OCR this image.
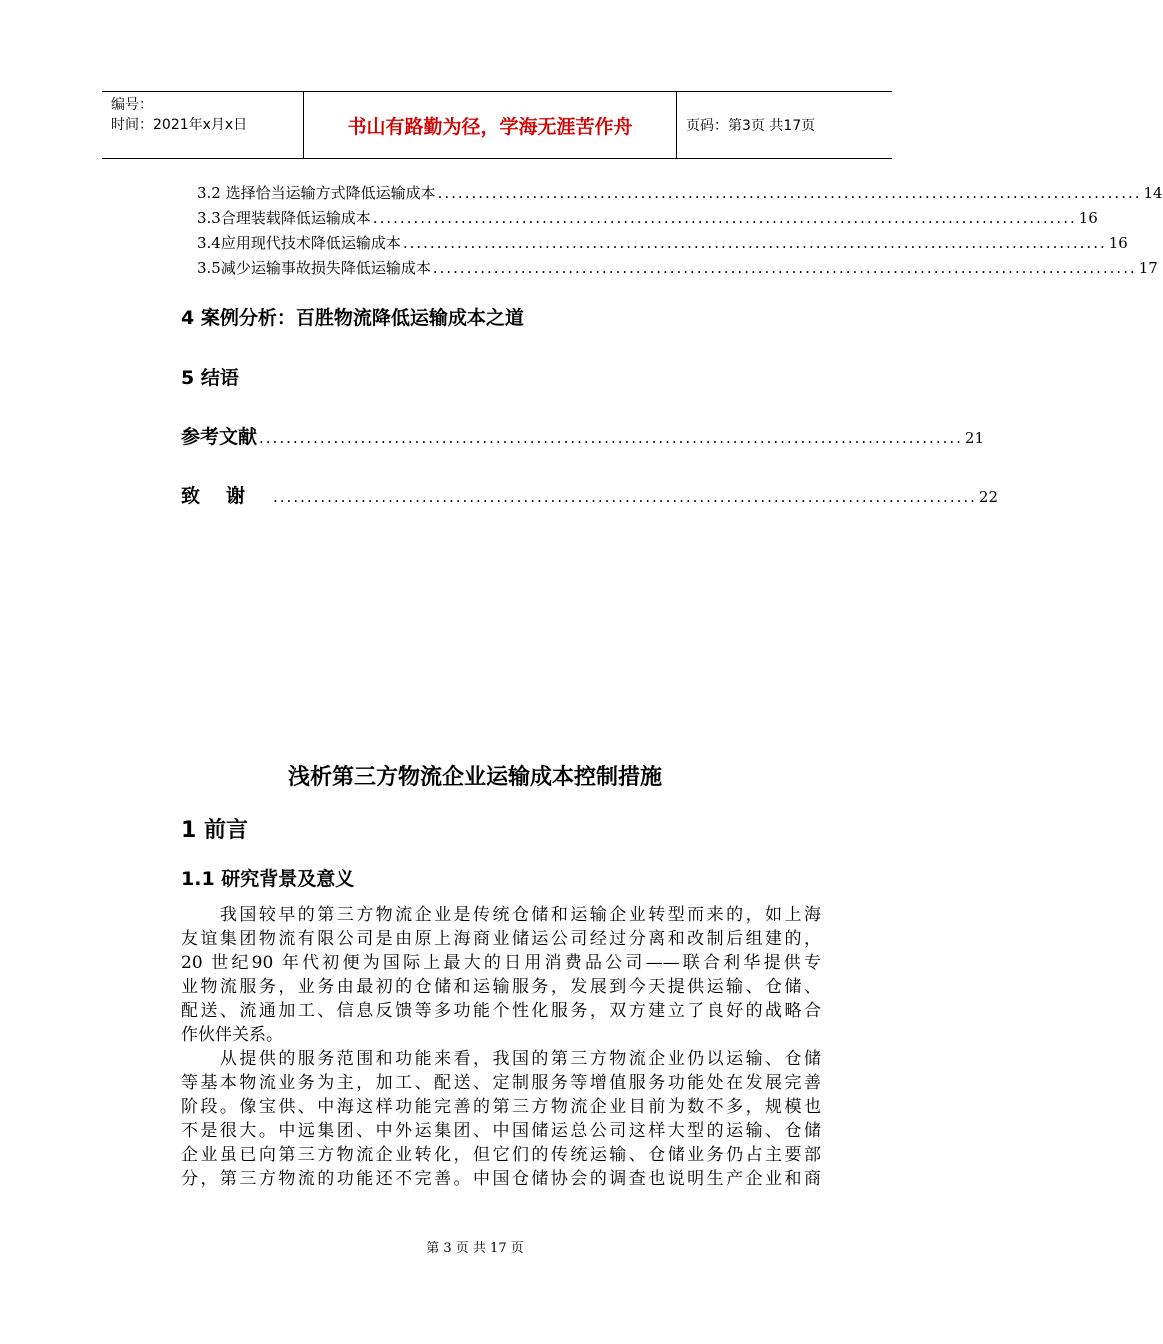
编号：
时间：2021年x月x日	书山有路勤为径，学海无涯苦作舟	页码：第3页 共17页
3.2 选择恰当运输方式降低运输成本 ........................................................................................................ 14
3.3合理装载降低运输成本 ........................................................................................................ 16
3.4应用现代技术降低运输成本 ........................................................................................................ 16
3.5减少运输事故损失降低运输成本 ........................................................................................................ 17
4 案例分析：百胜物流降低运输成本之道
5 结语
参考文献 ........................................................................................................ 21
致谢 ........................................................................................................ 22
浅析第三方物流企业运输成本控制措施
1 前言
1.1 研究背景及意义
　　我国较早的第三方物流企业是传统仓储和运输企业转型而来的，如上海
友谊集团物流有限公司是由原上海商业储运公司经过分离和改制后组建的，
20 世纪90 年代初便为国际上最大的日用消费品公司——联合利华提供专
业物流服务，业务由最初的仓储和运输服务，发展到今天提供运输、仓储、
配送、流通加工、信息反馈等多功能个性化服务，双方建立了良好的战略合
作伙伴关系。
　　从提供的服务范围和功能来看，我国的第三方物流企业仍以运输、仓储
等基本物流业务为主，加工、配送、定制服务等增值服务功能处在发展完善
阶段。像宝供、中海这样功能完善的第三方物流企业目前为数不多，规模也
不是很大。中远集团、中外运集团、中国储运总公司这样大型的运输、仓储
企业虽已向第三方物流企业转化，但它们的传统运输、仓储业务仍占主要部
分，第三方物流的功能还不完善。中国仓储协会的调查也说明生产企业和商
第 3 页 共 17 页
